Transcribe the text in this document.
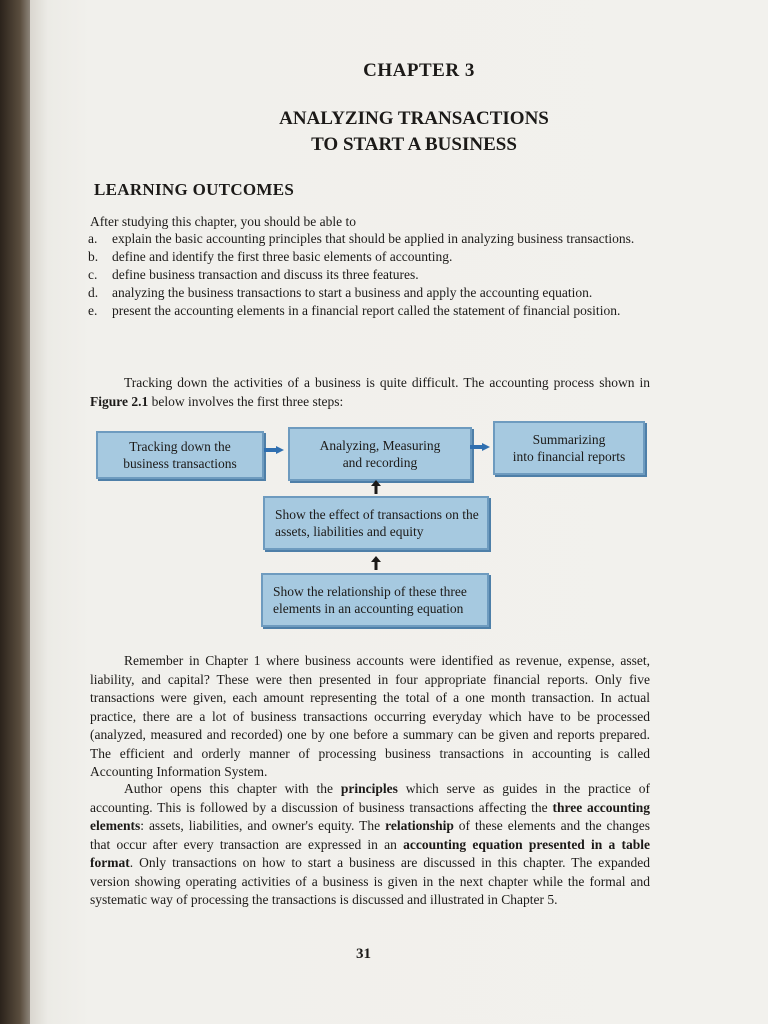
CHAPTER 3
ANALYZING TRANSACTIONS
TO START A BUSINESS
LEARNING OUTCOMES
After studying this chapter, you should be able to
a. explain the basic accounting principles that should be applied in analyzing business transactions.
b. define and identify the first three basic elements of accounting.
c. define business transaction and discuss its three features.
d. analyzing the business transactions to start a business and apply the accounting equation.
e. present the accounting elements in a financial report called the statement of financial position.

Tracking down the activities of a business is quite difficult. The accounting process shown in Figure 2.1 below involves the first three steps:

Tracking down the
business transactions
Analyzing, Measuring
and recording
Summarizing
into financial reports
Show the effect of transactions on the
assets, liabilities and equity
Show the relationship of these three
elements in an accounting equation

Remember in Chapter 1 where business accounts were identified as revenue, expense, asset, liability, and capital? These were then presented in four appropriate financial reports. Only five transactions were given, each amount representing the total of a one month transaction. In actual practice, there are a lot of business transactions occurring everyday which have to be processed (analyzed, measured and recorded) one by one before a summary can be given and reports prepared. The efficient and orderly manner of processing business transactions in accounting is called Accounting Information System.

Author opens this chapter with the principles which serve as guides in the practice of accounting. This is followed by a discussion of business transactions affecting the three accounting elements: assets, liabilities, and owner's equity. The relationship of these elements and the changes that occur after every transaction are expressed in an accounting equation presented in a table format. Only transactions on how to start a business are discussed in this chapter. The expanded version showing operating activities of a business is given in the next chapter while the formal and systematic way of processing the transactions is discussed and illustrated in Chapter 5.

31
